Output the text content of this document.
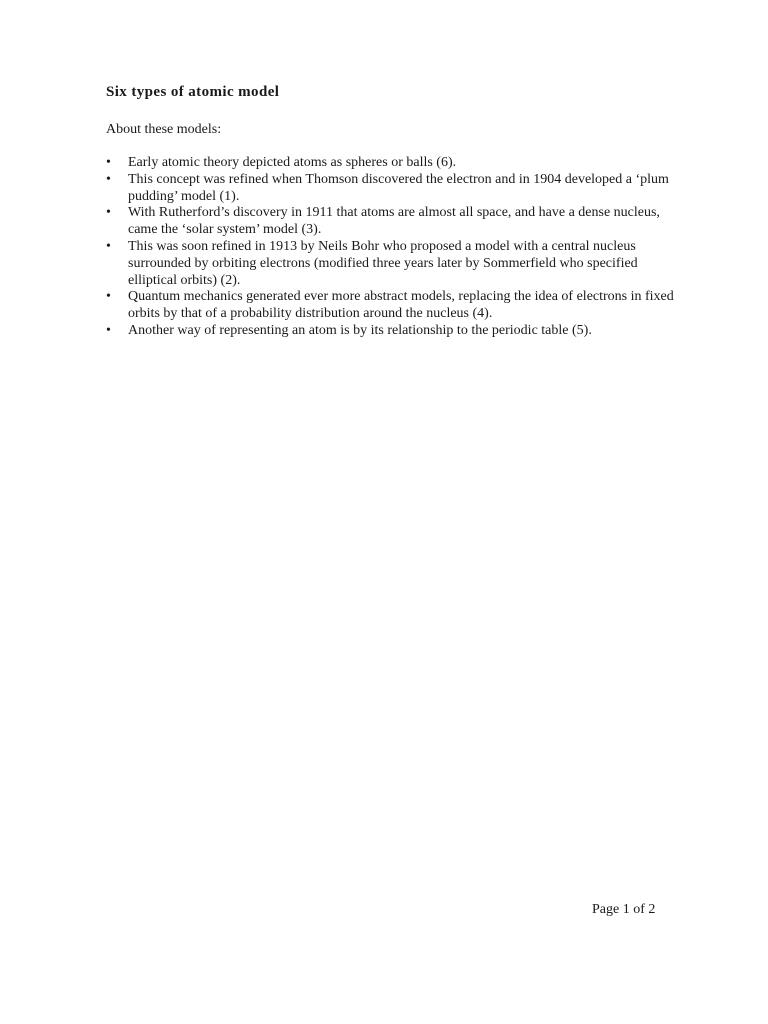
Six types of atomic model

About these models:

• Early atomic theory depicted atoms as spheres or balls (6).
• This concept was refined when Thomson discovered the electron and in 1904 developed a ‘plum pudding’ model (1).
• With Rutherford’s discovery in 1911 that atoms are almost all space, and have a dense nucleus, came the ‘solar system’ model (3).
• This was soon refined in 1913 by Neils Bohr who proposed a model with a central nucleus surrounded by orbiting electrons (modified three years later by Sommerfield who specified elliptical orbits) (2).
• Quantum mechanics generated ever more abstract models, replacing the idea of electrons in fixed orbits by that of a probability distribution around the nucleus (4).
• Another way of representing an atom is by its relationship to the periodic table (5).

Page 1 of 2
